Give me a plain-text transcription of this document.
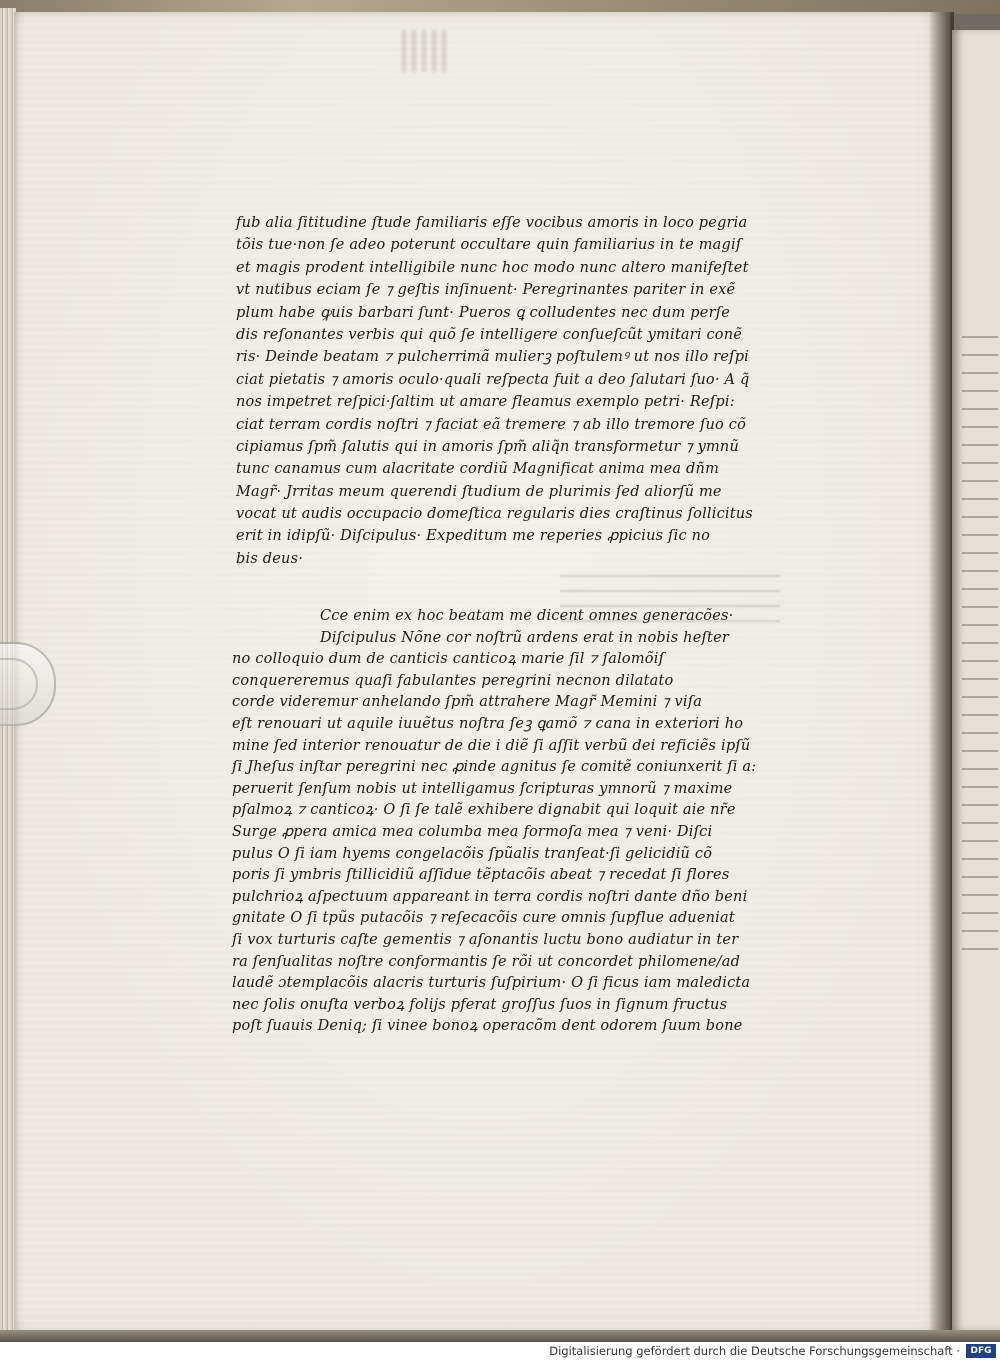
fub alia ſititudine ſtude familiaris eſſe vocibus amoris in loco pegria
tõis tue·non ſe adeo poterunt occultare quin familiarius in te magiſ
et magis prodent intelligibile nunc hoc modo nunc altero manifeſtet
vt nutibus eciam ſe ⁊ geſtis inſinuent· Peregrinantes pariter in exẽ
plum habe ꝙuis barbari ſunt· Pueros ꝗ colludentes nec dum perſe
dis reſonantes verbis qui quõ ſe intelligere conſueſcũt ymitari conẽ
ris· Deinde beatam ⁊ pulcherrimã mulierꝫ poſtulemꝰ ut nos illo reſpi
ciat pietatis ⁊ amoris oculo·quali reſpecta fuit a deo ſalutari ſuo· A q̃
nos impetret reſpici·ſaltim ut amare fleamus exemplo petri· Reſpi:
ciat terram cordis noſtri ⁊ faciat eã tremere ⁊ ab illo tremore ſuo cõ
cipiamus ſpm̃ ſalutis qui in amoris ſpm̃ aliq̃n transformetur ⁊ ymnũ
tunc canamus cum alacritate cordiũ Magnificat anima mea dñm
Magr̃· Jrritas meum querendi ſtudium de plurimis ſed aliorſũ me
vocat ut audis occupacio domeſtica regularis dies craſtinus ſollicitus
erit in idipſũ· Diſcipulus· Expeditum me reperies ꝓpicius ſic no
bis deus·
Cce enim ex hoc beatam me dicent omnes generacões·
Diſcipulus Nõne cor noſtrũ ardens erat in nobis heſter
no colloquio dum de canticis canticoꝝ marie ſil ⁊ ſalomõiſ
conquereremus quaſi fabulantes peregrini necnon dilatato
corde videremur anhelando ſpm̃ attrahere Magr̃ Memini ⁊ viſa
eſt renouari ut aquile iuuẽtus noſtra ſeꝫ ꝗamõ ⁊ cana in exteriori ho
mine ſed interior renouatur de die i diẽ ſi aſſit verbũ dei reficiẽs ipſũ
ſi Jheſus inſtar peregrini nec ꝓinde agnitus ſe comitẽ coniunxerit ſi a:
peruerit ſenſum nobis ut intelligamus ſcripturas ymnorũ ⁊ maxime
pſalmoꝝ ⁊ canticoꝝ· O ſi ſe talẽ exhibere dignabit qui loquit aie nr̃e
Surge ꝓpera amica mea columba mea formoſa mea ⁊ veni· Diſci
pulus O ſi iam hyems congelacõis ſpũalis tranſeat·ſi gelicidiũ cõ
poris ſi ymbris ſtillicidiũ aſſidue tẽptacõis abeat ⁊ recedat ſi flores
pulchrioꝝ aſpectuum appareant in terra cordis noſtri dante dño beni
gnitate O ſi tpũs putacõis ⁊ reſecacõis cure omnis ſupflue adueniat
ſi vox turturis caſte gementis ⁊ aſonantis luctu bono audiatur in ter
ra ſenſualitas noſtre conformantis ſe rõi ut concordet philomene/ad
laudẽ ɔtemplacõis alacris turturis ſuſpirium· O ſi ficus iam maledicta
nec ſolis onuſta verboꝝ folijs pferat groſſus ſuos in ſignum fructus
poſt ſuauis Deniq; ſi vinee bonoꝝ operacõm dent odorem ſuum bone
Digitalisierung gefördert durch die Deutsche Forschungsgemeinschaft ·	DFG
